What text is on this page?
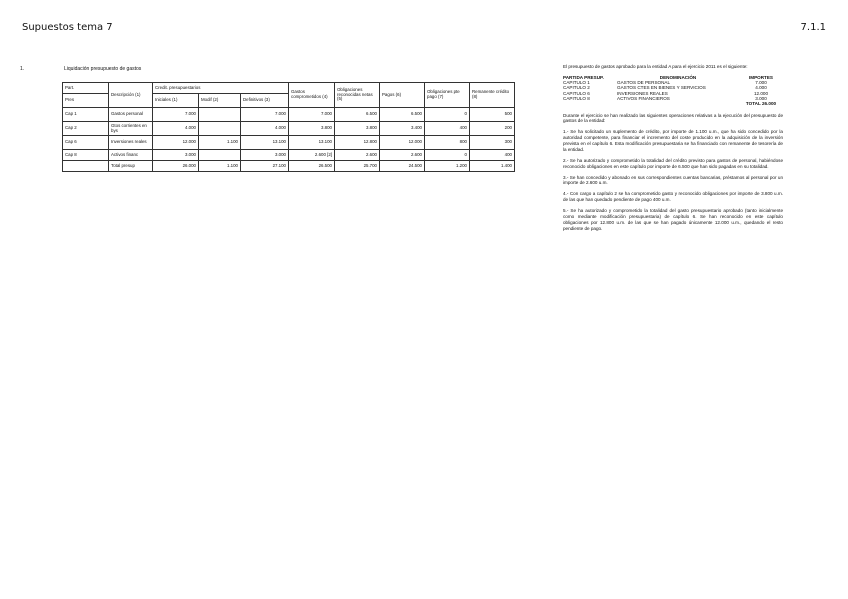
Supuestos tema 7	7.1.1
1.	Liquidación presupuesto de gastos
Part.	Descripción (1)	Credit. presupuestarios			Gastos comprometidos (4)	Obligaciones reconocidas netas (5)	Pagos (6)	Obligaciones pte pago (7)	Remanente crédito (8)
Pres		Iniciales (1)	Modif (2)	Definitivos (3)					
Cap 1	Gastos personal	7.000		7.000	7.000	6.500	6.500	0	500
Cap 2	Gtos corrientes en bys	4.000		4.000	3.800	3.800	3.400	400	200
Cap 6	Inversiones reales	12.000	1.100	13.100	13.100	12.800	12.000	800	300
Cap 8	Activos financ	3.000		3.000	2.600 [2]	2.600	2.600	0	400
	Total presup	26.000	1.100	27.100	26.500	25.700	24.500	1.200	1.400

El presupuesto de gastos aprobado para la entidad A para el ejercicio 2011 es el siguiente:

PARTIDA PRESUP.	DENOMINACIÓN	IMPORTES
CAPITULO 1	GASTOS DE PERSONAL	7.000
CAPITULO 2	GASTOS CTES EN BIENES Y SERVICIOS	4.000
CAPITULO 6	INVERSIONES REALES	12.000
CAPITULO 8	ACTIVOS FINANCIEROS	3.000
TOTAL 26.000

Durante el ejercicio se han realizado las siguientes operaciones relativas a la ejecución del presupuesto de gastos de la entidad:

1.- Se ha solicitado un suplemento de crédito, por importe de 1.100 u.m., que ha sido concedido por la autoridad competente, para financiar el incremento del coste producido en la adquisición de la inversión prevista en el capítulo 6. Esta modificación presupuestaria se ha financiado con remanente de tesorería de la entidad.

2.- Se ha autorizado y comprometido la totalidad del crédito previsto para gastos de personal, habiéndose reconocido obligaciones en este capítulo por importe de 6.500 que han sido pagadas en su totalidad.

3.- Se han concedido y abonado en sus correspondientes cuentas bancarias, préstamos al personal por un importe de 2.600 u.m.

4.- Con cargo a capítulo 2 se ha comprometido gasto y reconocido obligaciones por importe de 3.800 u.m. de las que han quedado pendiente de pago 400 u.m.

5.- Se ha autorizado y comprometido la totalidad del gasto presupuestario aprobado (tanto inicialmente como mediante modificación presupuestaria) de capítulo 6. Se han reconocido en este capítulo obligaciones por 12.800 u.m. de las que se han pagado únicamente 12.000 u.m., quedando el resto pendiente de pago.
